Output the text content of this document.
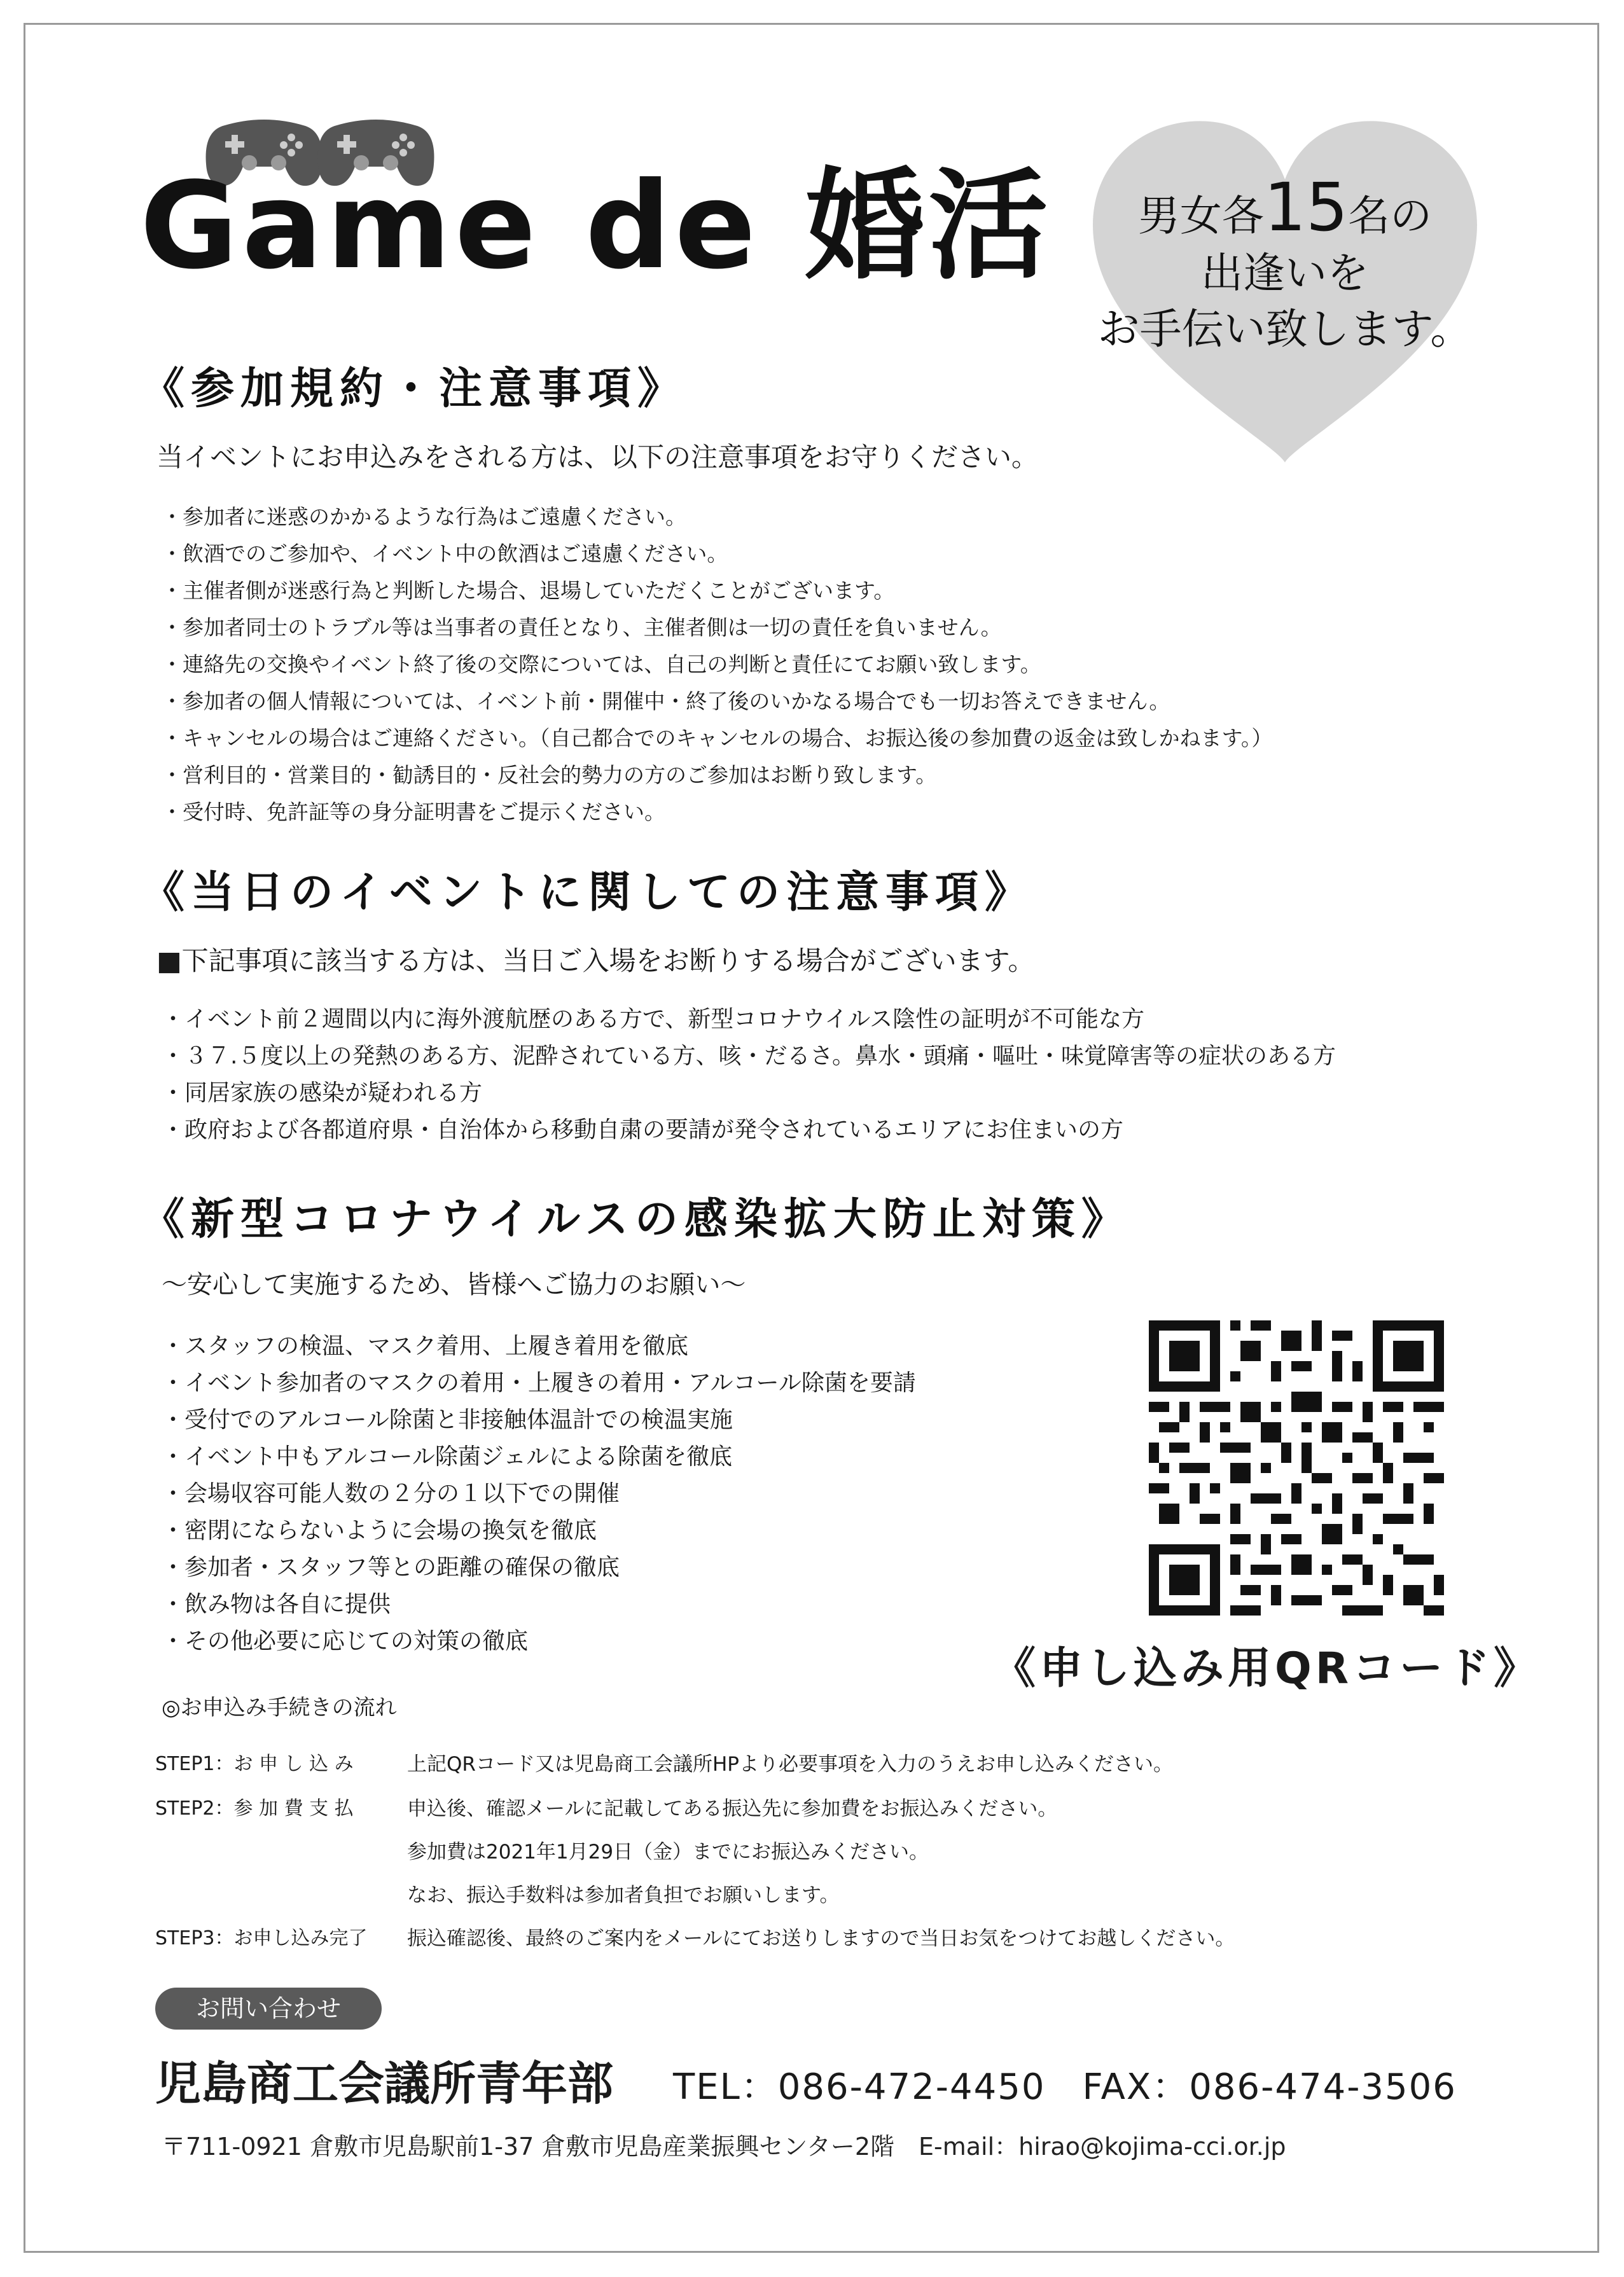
Game de 婚活	男女各15名の
出逢いを
お手伝い致します。
《参加規約・注意事項》
当イベントにお申込みをされる方は、以下の注意事項をお守りください。
・参加者に迷惑のかかるような行為はご遠慮ください。
・飲酒でのご参加や、イベント中の飲酒はご遠慮ください。
・主催者側が迷惑行為と判断した場合、退場していただくことがございます。
・参加者同士のトラブル等は当事者の責任となり、主催者側は一切の責任を負いません。
・連絡先の交換やイベント終了後の交際については、自己の判断と責任にてお願い致します。
・参加者の個人情報については、イベント前・開催中・終了後のいかなる場合でも一切お答えできません。
・キャンセルの場合はご連絡ください。（自己都合でのキャンセルの場合、お振込後の参加費の返金は致しかねます。）
・営利目的・営業目的・勧誘目的・反社会的勢力の方のご参加はお断り致します。
・受付時、免許証等の身分証明書をご提示ください。
《当日のイベントに関しての注意事項》
■下記事項に該当する方は、当日ご入場をお断りする場合がございます。
・イベント前２週間以内に海外渡航歴のある方で、新型コロナウイルス陰性の証明が不可能な方
・３７.５度以上の発熱のある方、泥酔されている方、咳・だるさ。鼻水・頭痛・嘔吐・味覚障害等の症状のある方
・同居家族の感染が疑われる方
・政府および各都道府県・自治体から移動自粛の要請が発令されているエリアにお住まいの方
《新型コロナウイルスの感染拡大防止対策》
～安心して実施するため、皆様へご協力のお願い～
・スタッフの検温、マスク着用、上履き着用を徹底
・イベント参加者のマスクの着用・上履きの着用・アルコール除菌を要請
・受付でのアルコール除菌と非接触体温計での検温実施
・イベント中もアルコール除菌ジェルによる除菌を徹底
・会場収容可能人数の２分の１以下での開催
・密閉にならないように会場の換気を徹底
・参加者・スタッフ等との距離の確保の徹底
・飲み物は各自に提供
・その他必要に応じての対策の徹底
《申し込み用QRコード》
◎お申込み手続きの流れ
STEP1：お 申 し 込 み	上記QRコード又は児島商工会議所HPより必要事項を入力のうえお申し込みください。
STEP2：参 加 費 支 払	申込後、確認メールに記載してある振込先に参加費をお振込みください。
参加費は2021年1月29日（金）までにお振込みください。
なお、振込手数料は参加者負担でお願いします。
STEP3：お申し込み完了 振込確認後、最終のご案内をメールにてお送りしますので当日お気をつけてお越しください。
お問い合わせ
児島商工会議所青年部 TEL：086-472-4450　FAX：086-474-3506
〒711-0921 倉敷市児島駅前1-37 倉敷市児島産業振興センター2階　E-mail：hirao@kojima-cci.or.jp
